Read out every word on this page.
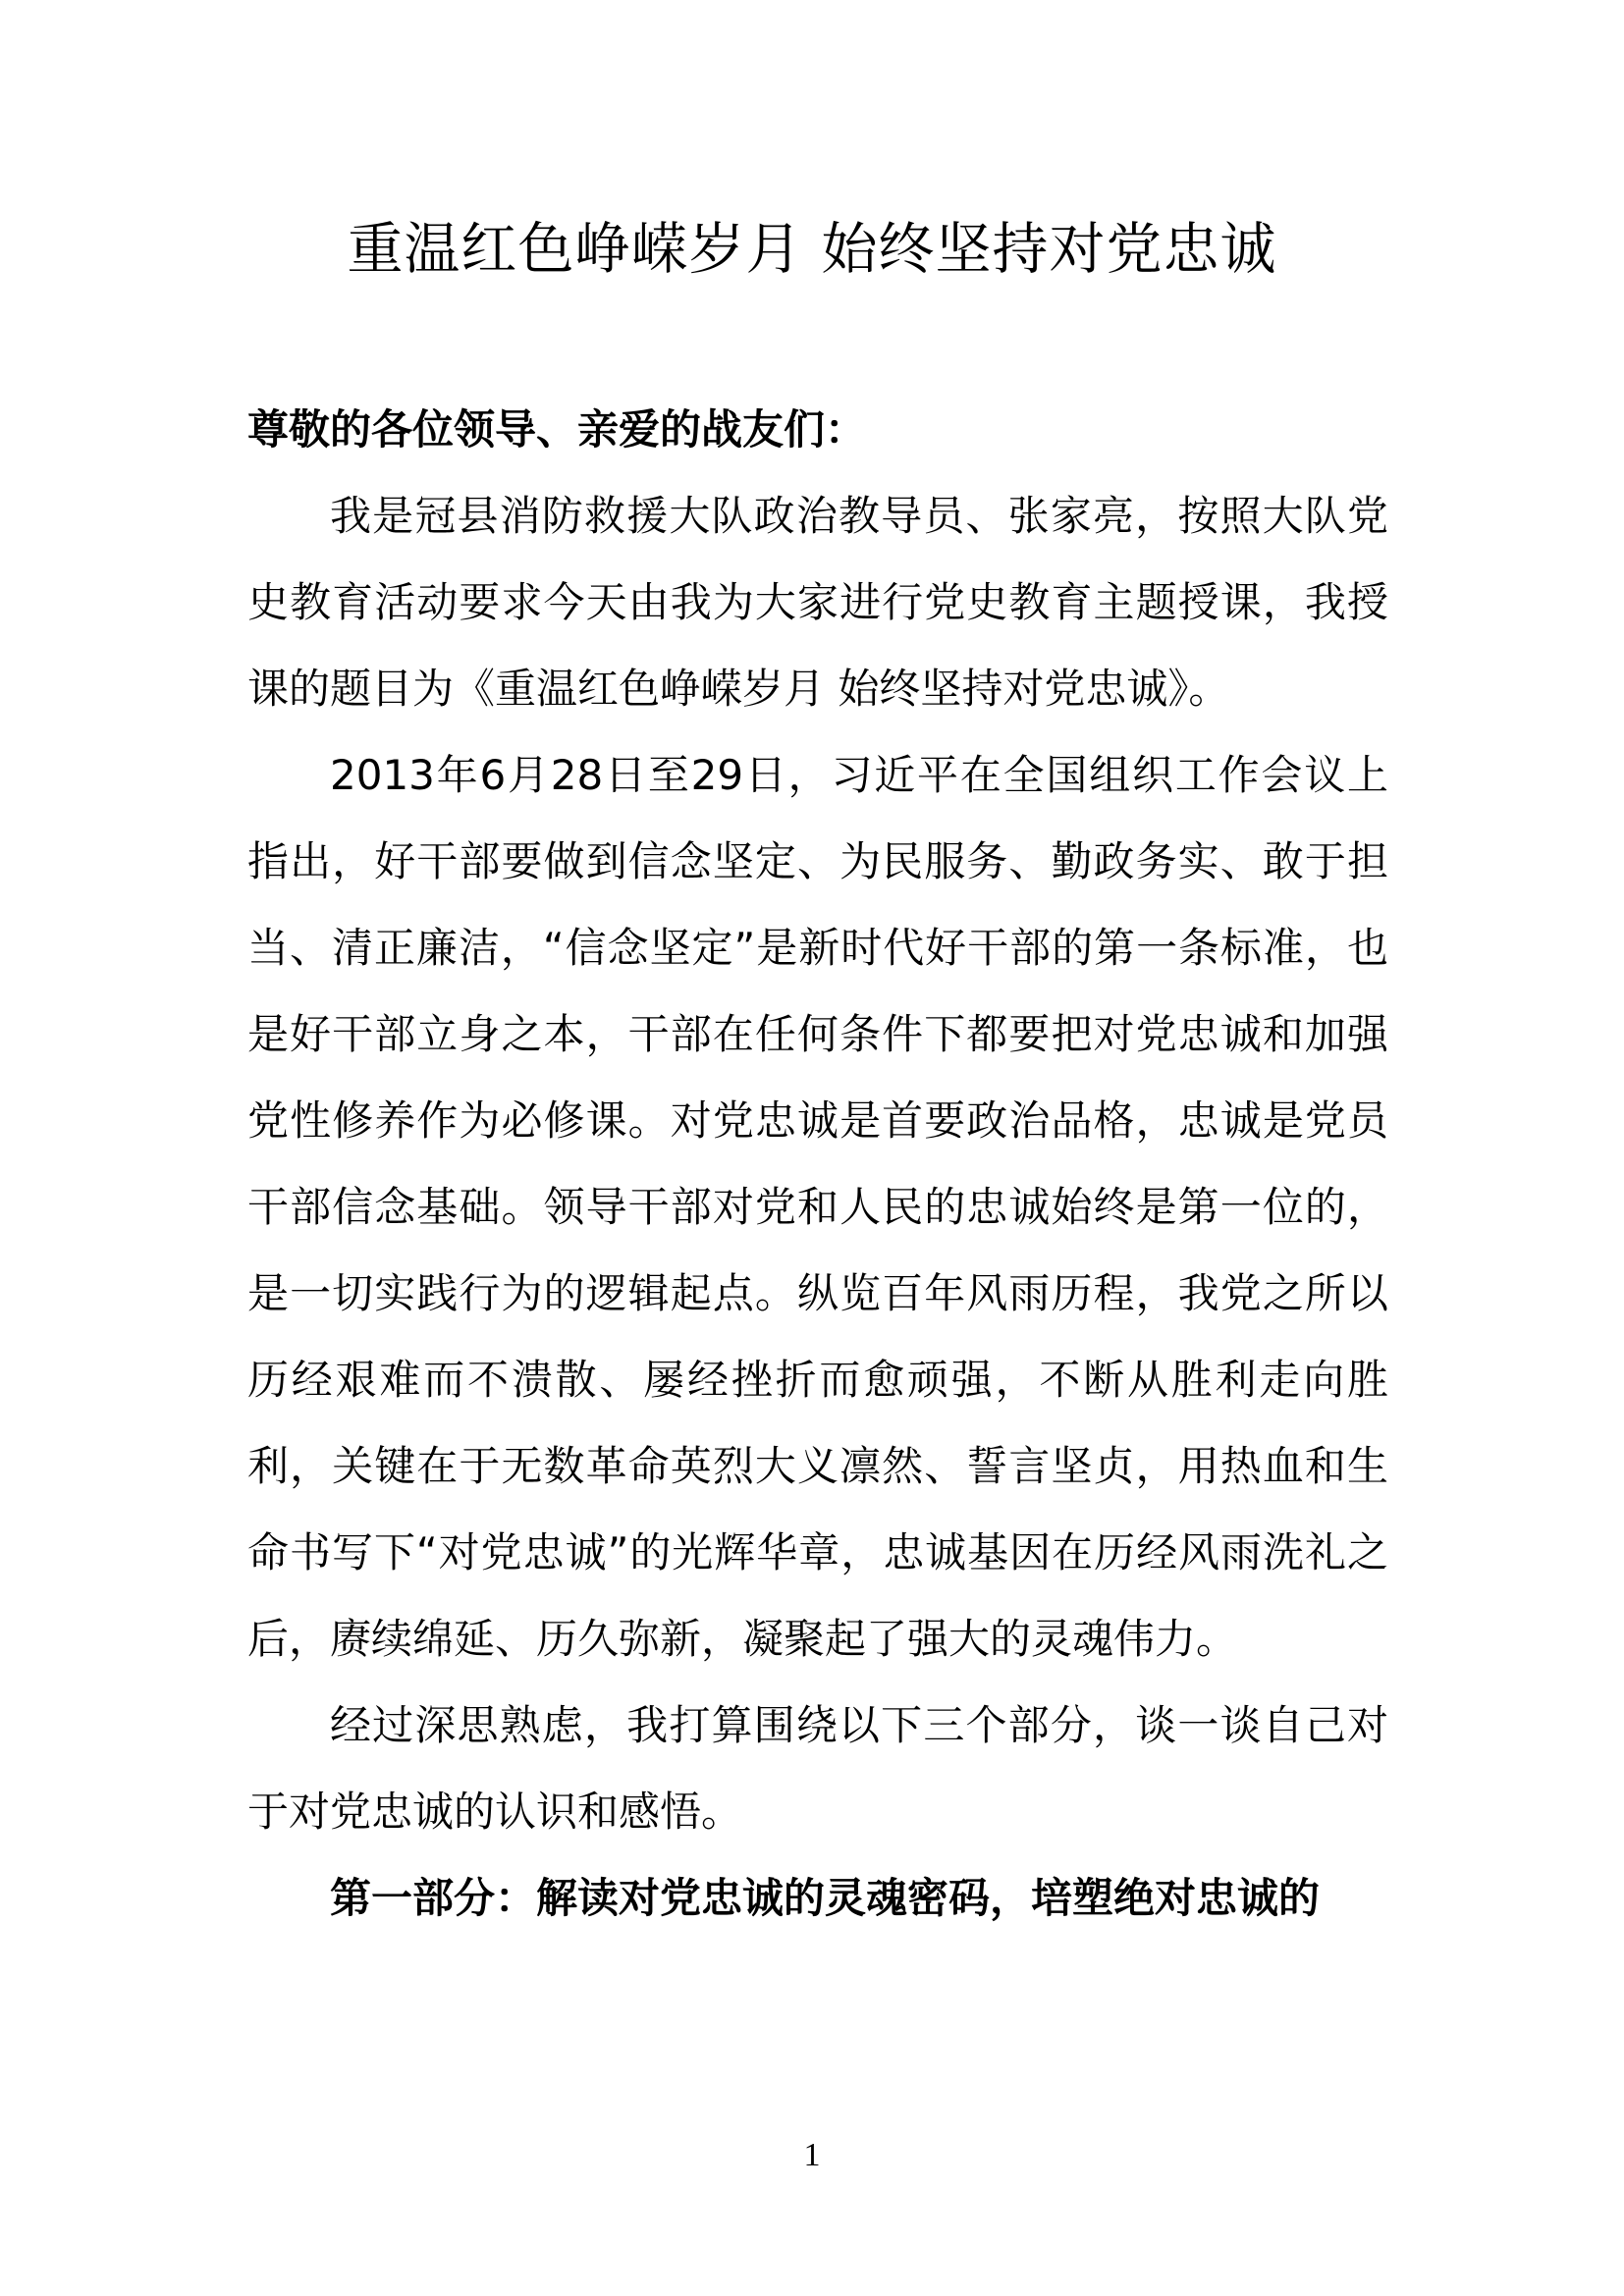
重温红色峥嵘岁月 始终坚持对党忠诚

尊敬的各位领导、亲爱的战友们：

我是冠县消防救援大队政治教导员、张家亮，按照大队党史教育活动要求今天由我为大家进行党史教育主题授课，我授课的题目为《重温红色峥嵘岁月 始终坚持对党忠诚》。

2013年6月28日至29日，习近平在全国组织工作会议上指出，好干部要做到信念坚定、为民服务、勤政务实、敢于担当、清正廉洁，“信念坚定”是新时代好干部的第一条标准，也是好干部立身之本，干部在任何条件下都要把对党忠诚和加强党性修养作为必修课。对党忠诚是首要政治品格，忠诚是党员干部信念基础。领导干部对党和人民的忠诚始终是第一位的，是一切实践行为的逻辑起点。纵览百年风雨历程，我党之所以历经艰难而不溃散、屡经挫折而愈顽强，不断从胜利走向胜利，关键在于无数革命英烈大义凛然、誓言坚贞，用热血和生命书写下“对党忠诚”的光辉华章，忠诚基因在历经风雨洗礼之后，赓续绵延、历久弥新，凝聚起了强大的灵魂伟力。

经过深思熟虑，我打算围绕以下三个部分，谈一谈自己对于对党忠诚的认识和感悟。

第一部分：解读对党忠诚的灵魂密码，培塑绝对忠诚的

1
